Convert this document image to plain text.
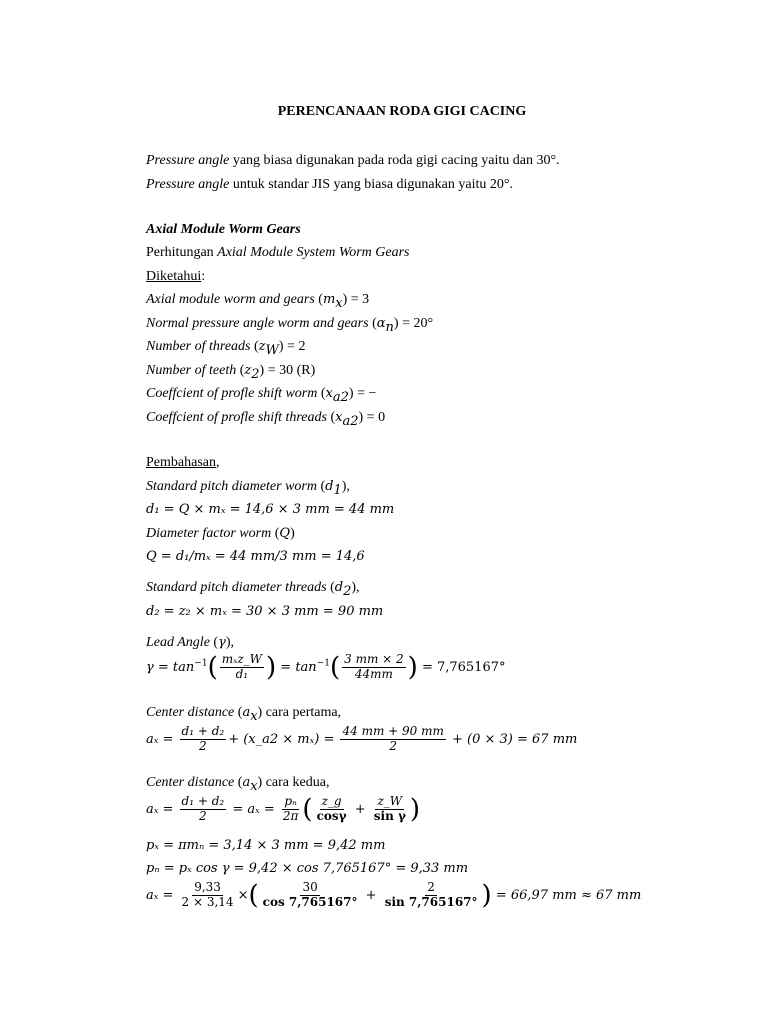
PERENCANAAN RODA GIGI CACING
Pressure angle yang biasa digunakan pada roda gigi cacing yaitu dan 30°.
Pressure angle untuk standar JIS yang biasa digunakan yaitu 20°.
Axial Module Worm Gears
Perhitungan Axial Module System Worm Gears
Diketahui:
Axial module worm and gears $(m_x) = 3$
Normal pressure angle worm and gears $(\alpha_n) = 20^\circ$
Number of threads $(z_W) = 2$
Number of teeth $(z_2) = 30$ (R)
Coeffcient of profle shift worm $(x_{a2})$ = −
Coeffcient of profle shift threads $(x_{a2}) = 0$
Pembahasan,
Standard pitch diameter worm $(d_1)$,
d₁ = Q × mₓ = 14,6 × 3 mm = 44 mm
Diameter factor worm (Q)
Q = d₁/mₓ = 44 mm/3 mm = 14,6
Standard pitch diameter threads $(d_2)$,
d₂ = z₂ × mₓ = 30 × 3 mm = 90 mm
Lead Angle (γ),
$\gamma = \tan^{-1}( \frac{\text{mₓz\_W}}{\text{d₁}}$ ) = $\tan^{-1}( \frac{3 mm \times 2}{44mm}$ ) = 7,765167°
Center distance $(a_x)$ cara pertama,
$a_x = \frac{\text{d₁ + d₂}}{2}$ + (x_a2 × $m_x) = \frac{44 mm + 90 mm}{2} + (0 \times 3) = 67$ mm
Center distance $(a_x)$ cara kedua,
$a_x = \frac{\text{d₁ + d₂}}{2} = a_x = \frac{\text{pₙ}}{2\pi}$ ( $\frac{z\_g}{\cos\gamma} + \frac{z\_W}{\text{sin γ}}$ )
pₓ = πmₙ = 3,14 × 3 mm = 9,42 mm
pₙ = pₓ cos γ = 9,42 × cos 7,765167° = 9,33 mm
$a_x = \frac{9,33}{2 \times 3,14}$ ×( $\frac{30}{\cos 7,765167^\circ} + \frac{2}{\sin 7,765167^\circ}$ ) = 66,97 mm ≈ 67 mm
